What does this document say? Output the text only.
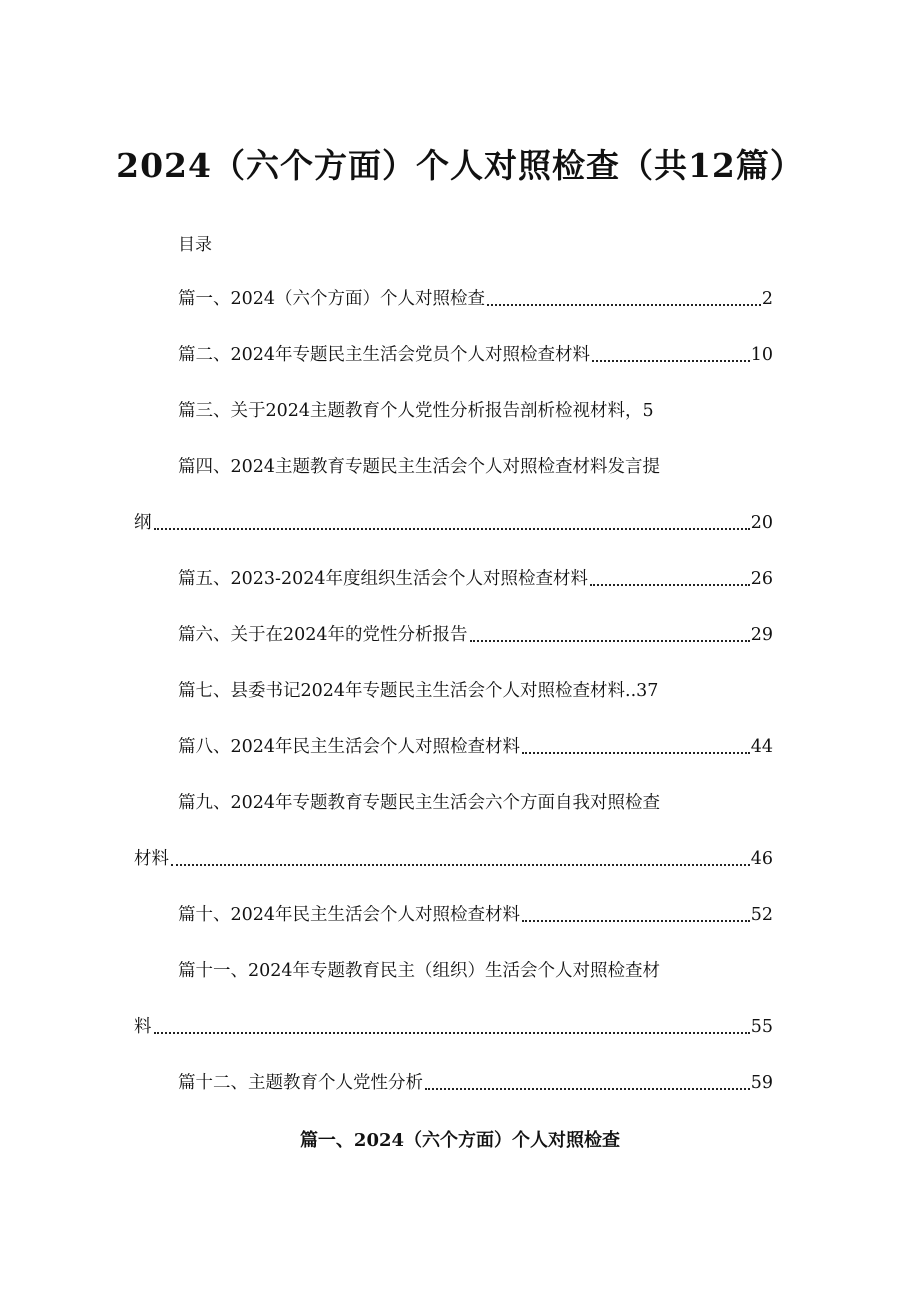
2024（六个方面）个人对照检查（共12篇）
目录
篇一、2024（六个方面）个人对照检查	2
篇二、2024年专题民主生活会党员个人对照检查材料	10
篇三、关于2024主题教育个人党性分析报告剖析检视材料，5
篇四、2024主题教育专题民主生活会个人对照检查材料发言提
纲	20
篇五、2023-2024年度组织生活会个人对照检查材料	26
篇六、关于在2024年的党性分析报告	29
篇七、县委书记2024年专题民主生活会个人对照检查材料..37
篇八、2024年民主生活会个人对照检查材料	44
篇九、2024年专题教育专题民主生活会六个方面自我对照检查
材料	46
篇十、2024年民主生活会个人对照检查材料	52
篇十一、2024年专题教育民主（组织）生活会个人对照检查材
料	55
篇十二、主题教育个人党性分析	59
篇一、2024（六个方面）个人对照检查
